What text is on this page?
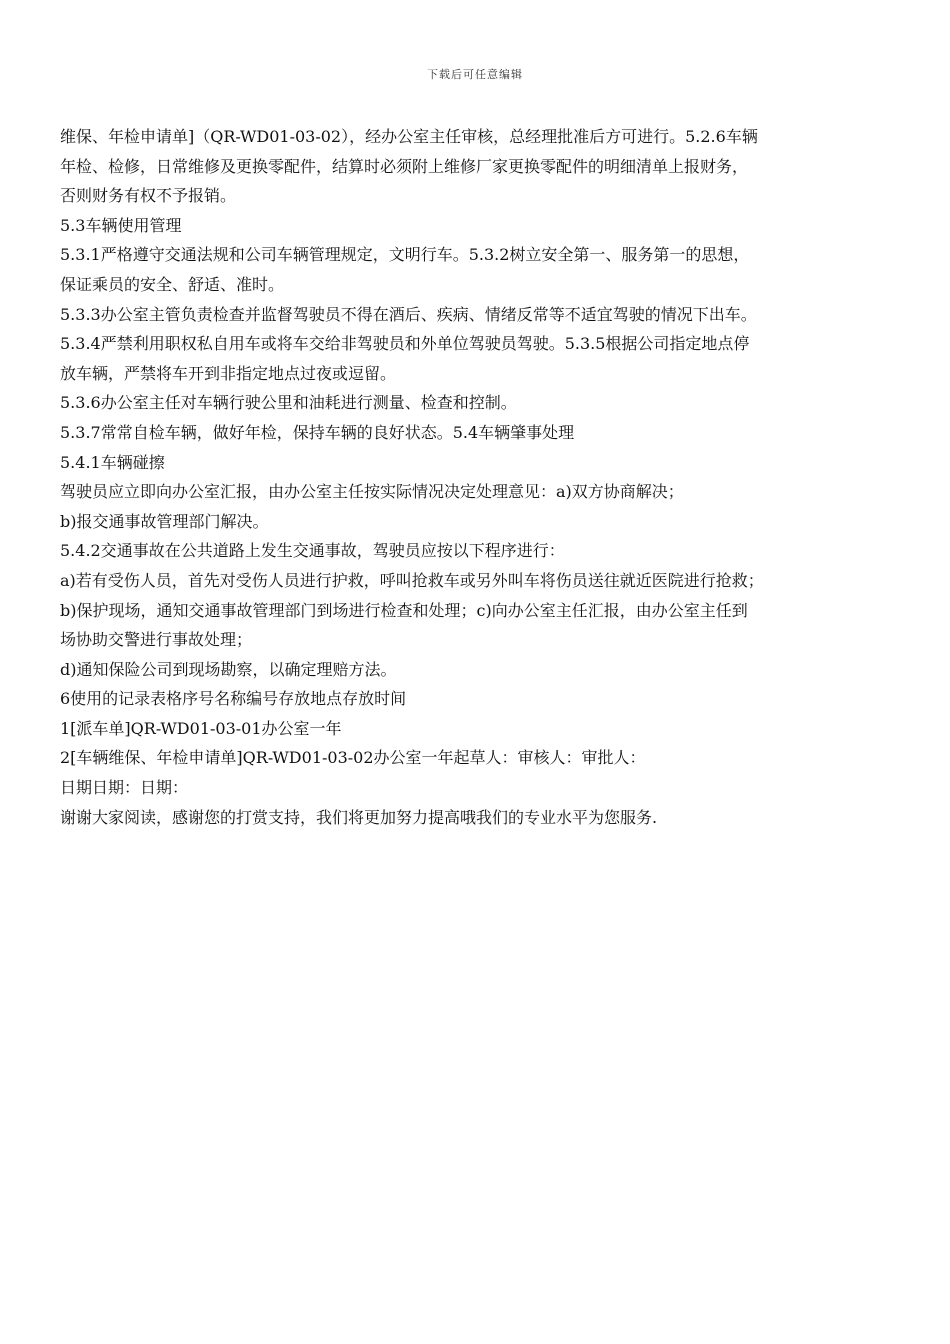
下载后可任意编辑
维保、年检申请单]（QR-WD01-03-02），经办公室主任审核，总经理批准后方可进行。5.2.6车辆
年检、检修，日常维修及更换零配件，结算时必须附上维修厂家更换零配件的明细清单上报财务，
否则财务有权不予报销。
5.3车辆使用管理
5.3.1严格遵守交通法规和公司车辆管理规定，文明行车。5.3.2树立安全第一、服务第一的思想，
保证乘员的安全、舒适、准时。
5.3.3办公室主管负责检查并监督驾驶员不得在酒后、疾病、情绪反常等不适宜驾驶的情况下出车。
5.3.4严禁利用职权私自用车或将车交给非驾驶员和外单位驾驶员驾驶。5.3.5根据公司指定地点停
放车辆，严禁将车开到非指定地点过夜或逗留。
5.3.6办公室主任对车辆行驶公里和油耗进行测量、检查和控制。
5.3.7常常自检车辆，做好年检，保持车辆的良好状态。5.4车辆肇事处理
5.4.1车辆碰擦
驾驶员应立即向办公室汇报，由办公室主任按实际情况决定处理意见：a)双方协商解决；
b)报交通事故管理部门解决。
5.4.2交通事故在公共道路上发生交通事故，驾驶员应按以下程序进行：
a)若有受伤人员，首先对受伤人员进行护救，呼叫抢救车或另外叫车将伤员送往就近医院进行抢救；
b)保护现场，通知交通事故管理部门到场进行检查和处理；c)向办公室主任汇报，由办公室主任到
场协助交警进行事故处理；
d)通知保险公司到现场勘察，以确定理赔方法。
6使用的记录表格序号名称编号存放地点存放时间
1[派车单]QR-WD01-03-01办公室一年
2[车辆维保、年检申请单]QR-WD01-03-02办公室一年起草人：审核人：审批人：
日期日期：日期：
谢谢大家阅读，感谢您的打赏支持，我们将更加努力提高哦我们的专业水平为您服务.
